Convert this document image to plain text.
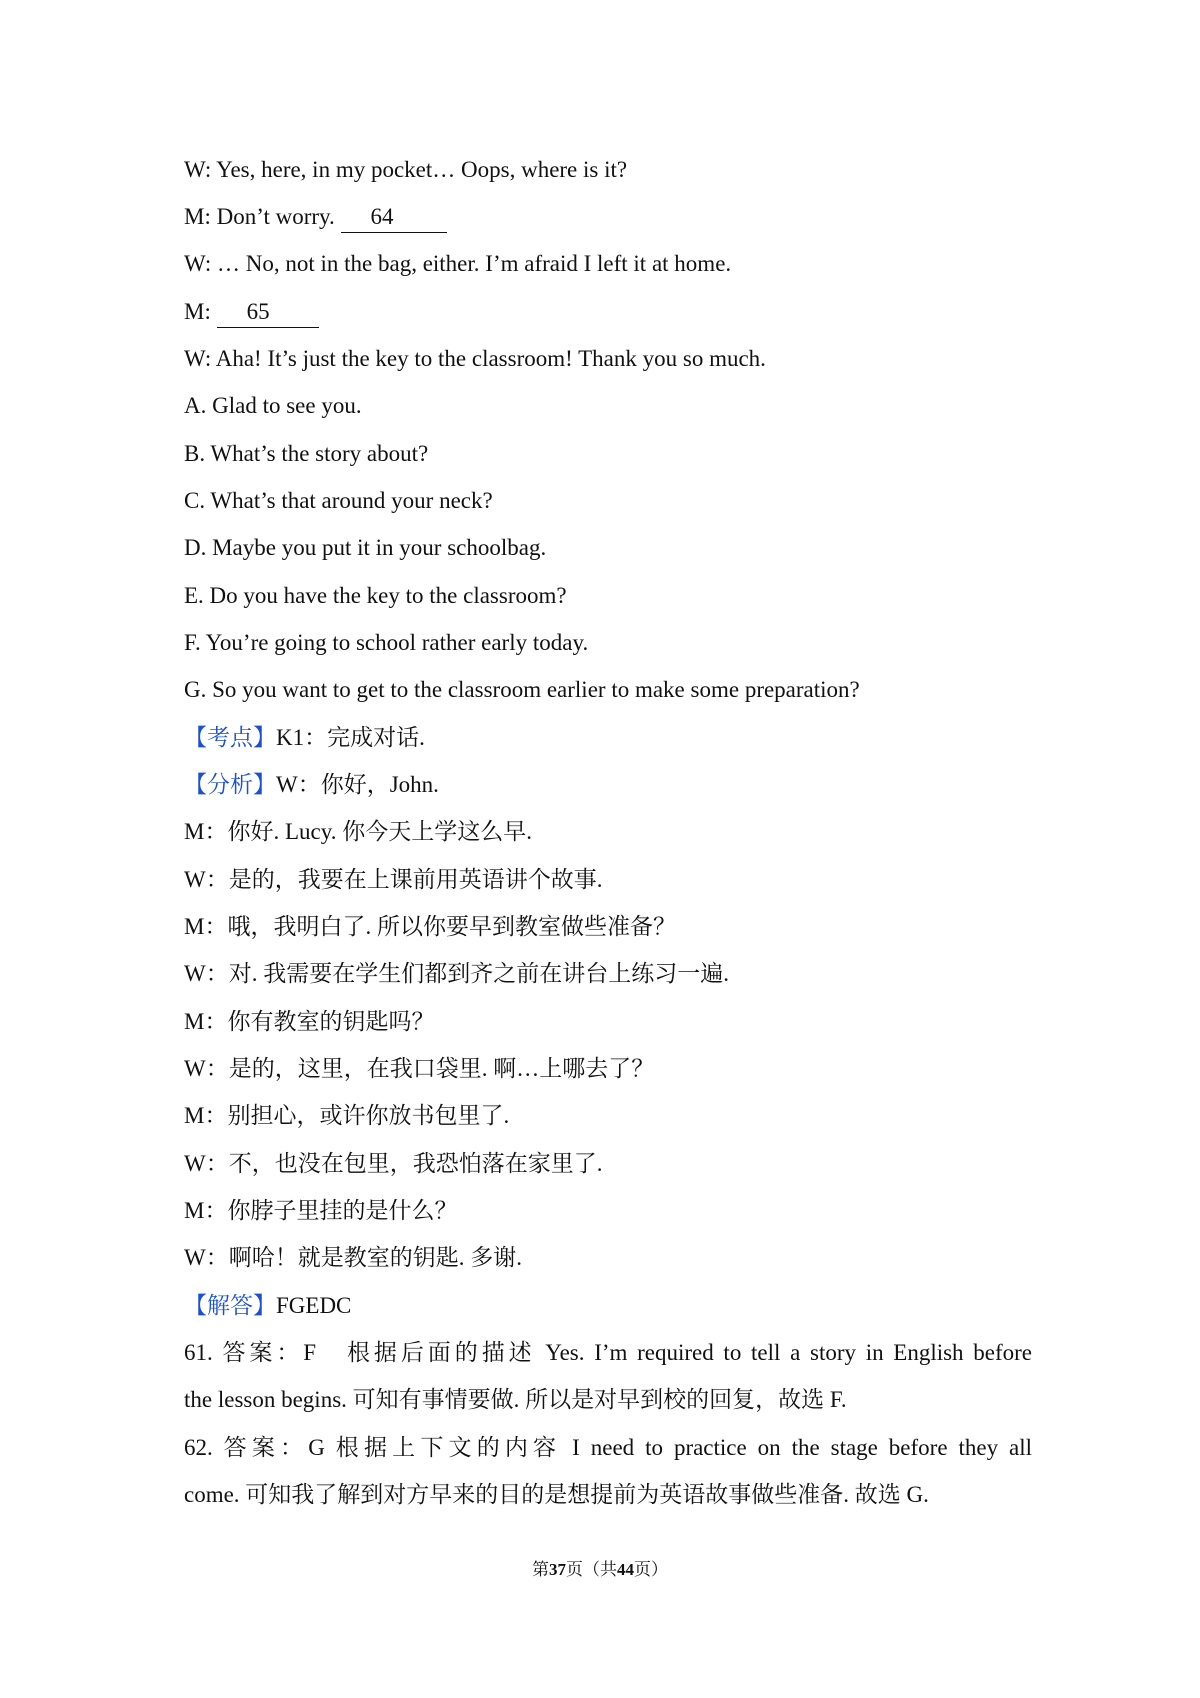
W: Yes, here, in my pocket… Oops, where is it?
M: Don’t worry. 64
W: … No, not in the bag, either. I’m afraid I left it at home.
M: 65
W: Aha! It’s just the key to the classroom! Thank you so much.
A. Glad to see you.
B. What’s the story about?
C. What’s that around your neck?
D. Maybe you put it in your schoolbag.
E. Do you have the key to the classroom?
F. You’re going to school rather early today.
G. So you want to get to the classroom earlier to make some preparation?
【考点】K1：完成对话.
【分析】W：你好，John.
M：你好. Lucy. 你今天上学这么早.
W：是的，我要在上课前用英语讲个故事.
M：哦，我明白了. 所以你要早到教室做些准备？
W：对. 我需要在学生们都到齐之前在讲台上练习一遍.
M：你有教室的钥匙吗？
W：是的，这里，在我口袋里. 啊…上哪去了？
M：别担心，或许你放书包里了.
W：不，也没在包里，我恐怕落在家里了.
M：你脖子里挂的是什么？
W：啊哈！就是教室的钥匙. 多谢.
【解答】FGEDC
61. 答案：F　根据后面的描述 Yes. I’m required to tell a story in English before
the lesson begins. 可知有事情要做. 所以是对早到校的回复，故选 F.
62. 答案：G 根据上下文的内容 I need to practice on the stage before they all
come. 可知我了解到对方早来的目的是想提前为英语故事做些准备. 故选 G.
第37页（共44页）
